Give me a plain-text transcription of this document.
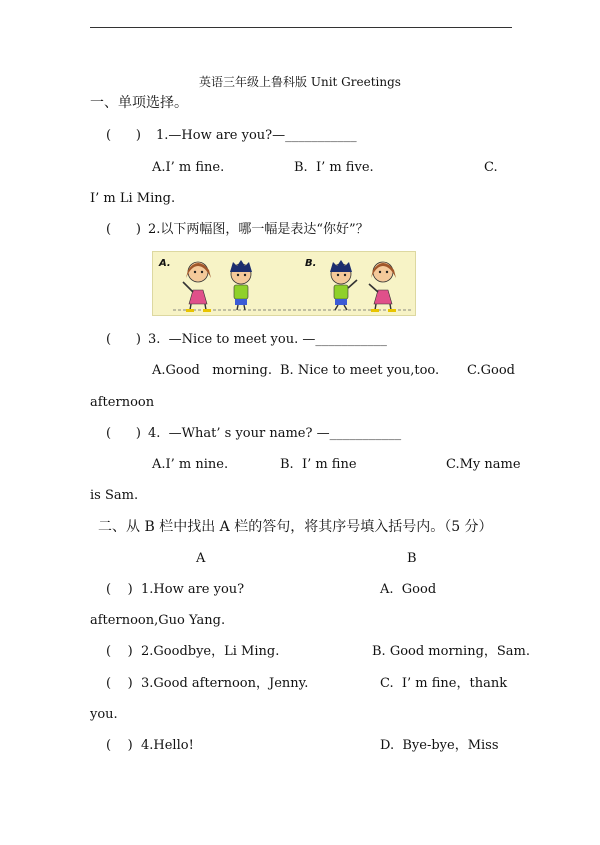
英语三年级上鲁科版 Unit Greetings
一、单项选择。
(      ) 1.—How are you?—___________
A.I’ m fine.	B.  I’ m five.	C.
I’ m Li Ming.
(      ) 2.以下两幅图，哪一幅是表达“你好”？
A.	B.
(      ) 3.  —Nice to meet you. —___________
A.Good   morning. B. Nice to meet you,too. C.Good
afternoon
(      ) 4.  —What’ s your name? —___________
A.I’ m nine.	B.  I’ m fine	C.My name
is Sam.
二、从 B 栏中找出 A 栏的答句，将其序号填入括号内。（5 分）
A	B
(    ) 1.How are you?	A.  Good
afternoon,Guo Yang.
(    ) 2.Goodbye，Li Ming.	B. Good morning，Sam.
(    ) 3.Good afternoon，Jenny.	C.  I’ m fine，thank
you.
(    ) 4.Hello!	D.  Bye-bye，Miss
